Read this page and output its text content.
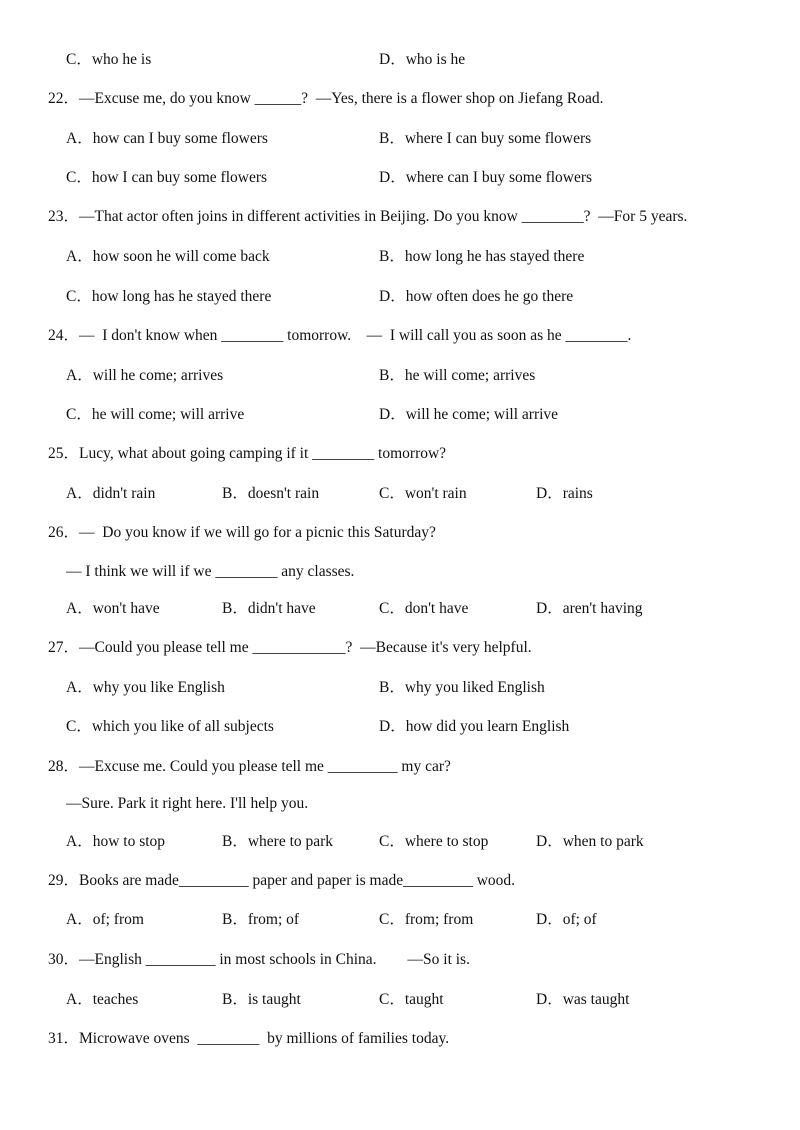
C．who he is	D．who is he
22．—Excuse me, do you know ______?  —Yes, there is a flower shop on Jiefang Road.
A．how can I buy some flowers	B．where I can buy some flowers
C．how I can buy some flowers	D．where can I buy some flowers
23．—That actor often joins in different activities in Beijing. Do you know ________?  —For 5 years.
A．how soon he will come back	B．how long he has stayed there
C．how long has he stayed there	D．how often does he go there
24．—  I don't know when ________ tomorrow.    —  I will call you as soon as he ________.
A．will he come; arrives	B．he will come; arrives
C．he will come; will arrive	D．will he come; will arrive
25．Lucy, what about going camping if it ________ tomorrow?
A．didn't rain	B．doesn't rain	C．won't rain	D．rains
26．—  Do you know if we will go for a picnic this Saturday?
— I think we will if we ________ any classes.
A．won't have	B．didn't have	C．don't have	D．aren't having
27．—Could you please tell me ____________?  —Because it's very helpful.
A．why you like English	B．why you liked English
C．which you like of all subjects	D．how did you learn English
28．—Excuse me. Could you please tell me _________ my car?
—Sure. Park it right here. I'll help you.
A．how to stop	B．where to park	C．where to stop	D．when to park
29．Books are made_________ paper and paper is made_________ wood.
A．of; from	B．from; of	C．from; from	D．of; of
30．—English _________ in most schools in China.        —So it is.
A．teaches	B．is taught	C．taught	D．was taught
31．Microwave ovens  ________  by millions of families today.
